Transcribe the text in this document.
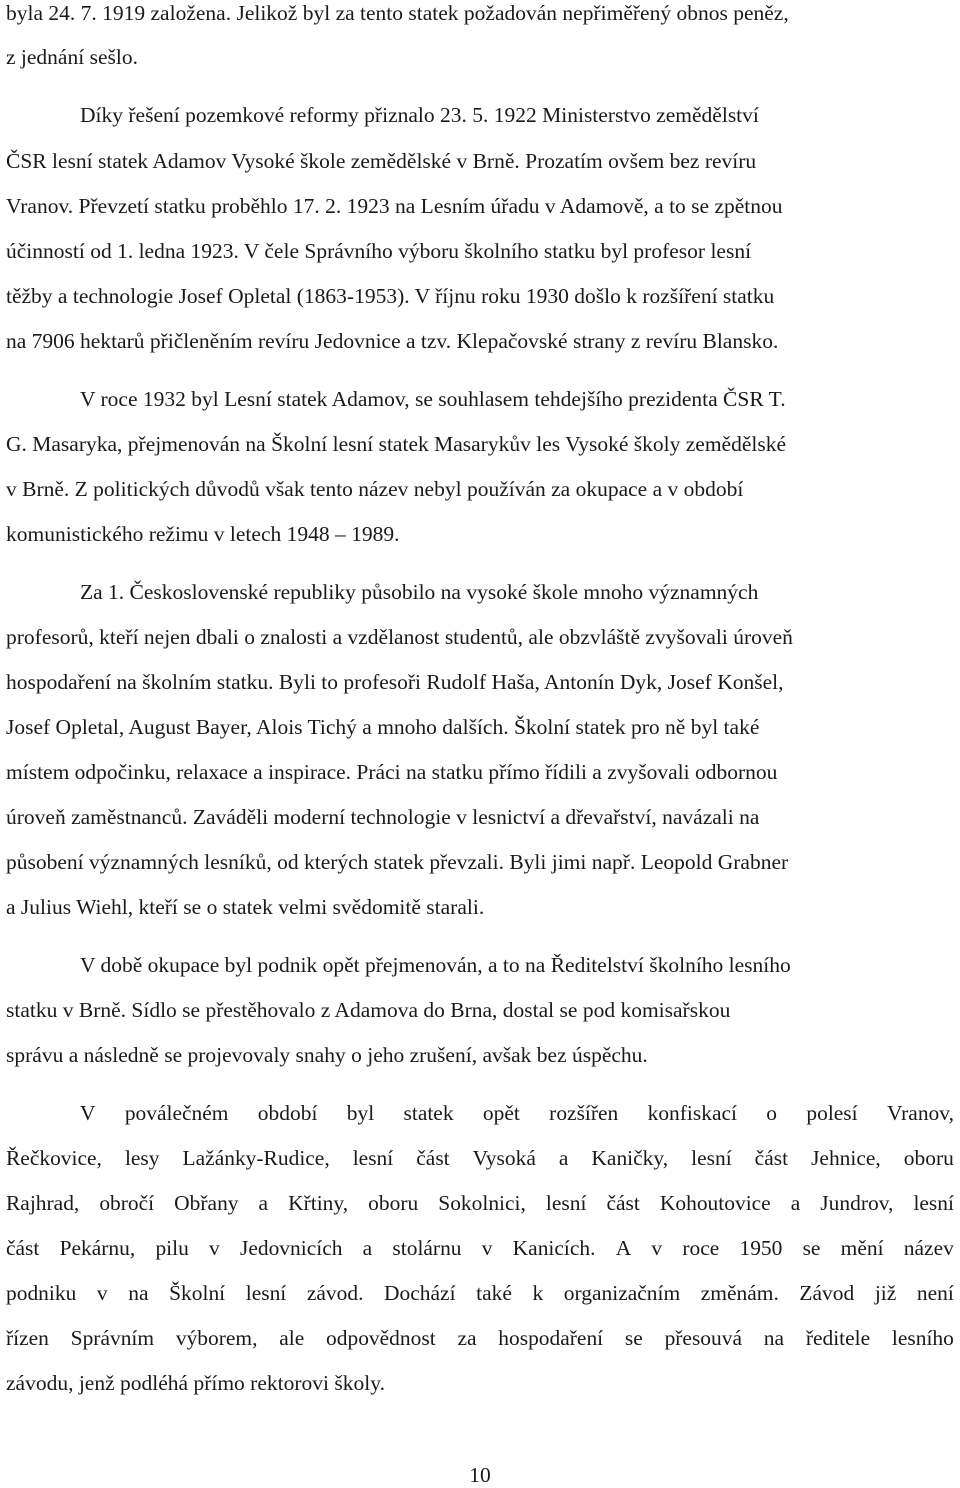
byla 24. 7. 1919 založena. Jelikož byl za tento statek požadován nepřiměřený obnos peněz,
z jednání sešlo.
Díky řešení pozemkové reformy přiznalo 23. 5. 1922 Ministerstvo zemědělství
ČSR lesní statek Adamov Vysoké škole zemědělské v Brně. Prozatím ovšem bez revíru
Vranov. Převzetí statku proběhlo 17. 2. 1923 na Lesním úřadu v Adamově, a to se zpětnou
účinností od 1. ledna 1923. V čele Správního výboru školního statku byl profesor lesní
těžby a technologie Josef Opletal (1863-1953). V říjnu roku 1930 došlo k rozšíření statku
na 7906 hektarů přičleněním revíru Jedovnice a tzv. Klepačovské strany z revíru Blansko.
V roce 1932 byl Lesní statek Adamov, se souhlasem tehdejšího prezidenta ČSR T.
G. Masaryka, přejmenován na Školní lesní statek Masarykův les Vysoké školy zemědělské
v Brně. Z politických důvodů však tento název nebyl používán za okupace a v období
komunistického režimu v letech 1948 – 1989.
Za 1. Československé republiky působilo na vysoké škole mnoho významných
profesorů, kteří nejen dbali o znalosti a vzdělanost studentů, ale obzvláště zvyšovali úroveň
hospodaření na školním statku. Byli to profesoři Rudolf Haša, Antonín Dyk, Josef Konšel,
Josef Opletal, August Bayer, Alois Tichý a mnoho dalších. Školní statek pro ně byl také
místem odpočinku, relaxace a inspirace. Práci na statku přímo řídili a zvyšovali odbornou
úroveň zaměstnanců. Zaváděli moderní technologie v lesnictví a dřevařství, navázali na
působení významných lesníků, od kterých statek převzali. Byli jimi např. Leopold Grabner
a Julius Wiehl, kteří se o statek velmi svědomitě starali.
V době okupace byl podnik opět přejmenován, a to na Ředitelství školního lesního
statku v Brně. Sídlo se přestěhovalo z Adamova do Brna, dostal se pod komisařskou
správu a následně se projevovaly snahy o jeho zrušení, avšak bez úspěchu.
V poválečném období byl statek opět rozšířen konfiskací o polesí Vranov,
Řečkovice, lesy Lažánky-Rudice, lesní část Vysoká a Kaničky, lesní část Jehnice, oboru
Rajhrad, obročí Obřany a Křtiny, oboru Sokolnici, lesní část Kohoutovice a Jundrov, lesní
část Pekárnu, pilu v Jedovnicích a stolárnu v Kanicích. A v roce 1950 se mění název
podniku v na Školní lesní závod. Dochází také k organizačním změnám. Závod již není
řízen Správním výborem, ale odpovědnost za hospodaření se přesouvá na ředitele lesního
závodu, jenž podléhá přímo rektorovi školy.
10
